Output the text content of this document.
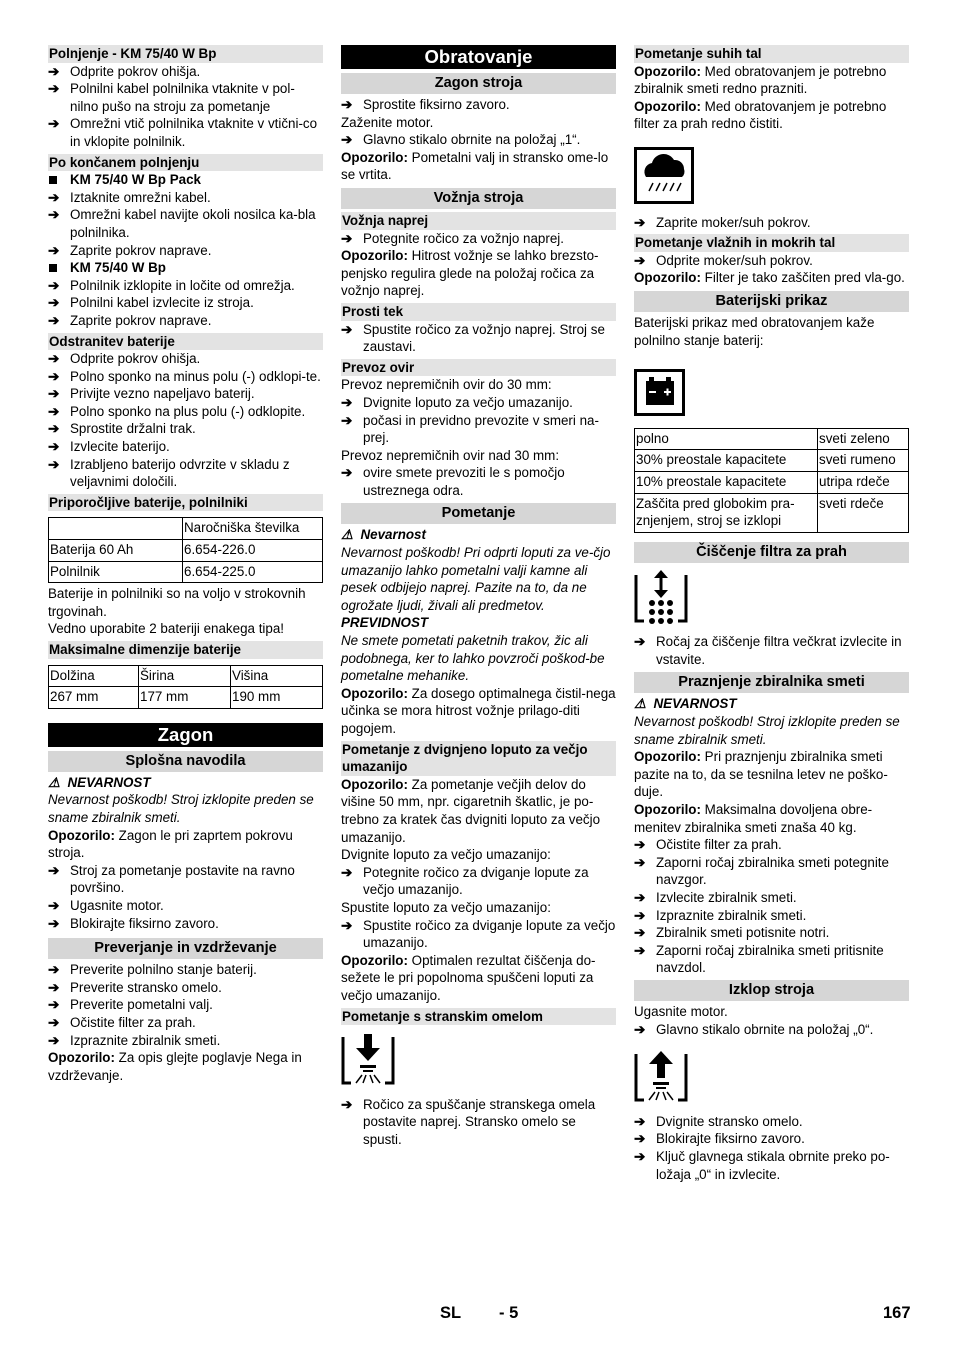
Polnjenje - KM 75/40 W Bp
➔ Odprite pokrov ohišja.
➔ Polnilni kabel polnilnika vtaknite v pol-nilno pušo na stroju za pometanje
➔ Omrežni vtič polnilnika vtaknite v vtični-co in vklopite polnilnik.
Po končanem polnjenju
KM 75/40 W Bp Pack
➔ Iztaknite omrežni kabel.
➔ Omrežni kabel navijte okoli nosilca ka-bla polnilnika.
➔ Zaprite pokrov naprave.
KM 75/40 W Bp
➔ Polnilnik izklopite in ločite od omrežja.
➔ Polnilni kabel izvlecite iz stroja.
➔ Zaprite pokrov naprave.
Odstranitev baterije
➔ Odprite pokrov ohišja.
➔ Polno sponko na minus polu (-) odklopi-te.
➔ Privijte vezno napeljavo baterij.
➔ Polno sponko na plus polu (-) odklopite.
➔ Sprostite držalni trak.
➔ Izvlecite baterijo.
➔ Izrabljeno baterijo odvrzite v skladu z veljavnimi določili.
Priporočljive baterije, polnilniki
	Naročniška številka
Baterija 60 Ah	6.654-226.0
Polnilnik	6.654-225.0
Baterije in polnilniki so na voljo v strokovnih trgovinah.
Vedno uporabite 2 bateriji enakega tipa!
Maksimalne dimenzije baterije
Dolžina	Širina	Višina
267 mm	177 mm	190 mm
Zagon
Splošna navodila
⚠ NEVARNOST
Nevarnost poškodb! Stroj izklopite preden se sname zbiralnik smeti.
Opozorilo: Zagon le pri zaprtem pokrovu stroja.
➔ Stroj za pometanje postavite na ravno površino.
➔ Ugasnite motor.
➔ Blokirajte fiksirno zavoro.
Preverjanje in vzdrževanje
➔ Preverite polnilno stanje baterij.
➔ Preverite stransko omelo.
➔ Preverite pometalni valj.
➔ Očistite filter za prah.
➔ Izpraznite zbiralnik smeti.
Opozorilo: Za opis glejte poglavje Nega in vzdrževanje.
Obratovanje
Zagon stroja
➔ Sprostite fiksirno zavoro.
Zaženite motor.
➔ Glavno stikalo obrnite na položaj „1“.
Opozorilo: Pometalni valj in stransko ome-lo se vrtita.
Vožnja stroja
Vožnja naprej
➔ Potegnite ročico za vožnjo naprej.
Opozorilo: Hitrost vožnje se lahko brezsto-penjsko regulira glede na položaj ročica za vožnjo naprej.
Prosti tek
➔ Spustite ročico za vožnjo naprej. Stroj se zaustavi.
Prevoz ovir
Prevoz nepremičnih ovir do 30 mm:
➔ Dvignite loputo za večjo umazanijo.
➔ počasi in previdno prevozite v smeri na-prej.
Prevoz nepremičnih ovir nad 30 mm:
➔ ovire smete prevoziti le s pomočjo ustreznega odra.
Pometanje
⚠ Nevarnost
Nevarnost poškodb! Pri odprti loputi za ve-čjo umazanijo lahko pometalni valji kamne ali pesek odbijejo naprej. Pazite na to, da ne ogrožate ljudi, živali ali predmetov.
PREVIDNOST
Ne smete pometati paketnih trakov, žic ali podobnega, ker to lahko povzroči poškod-be pometalne mehanike.
Opozorilo: Za dosego optimalnega čistil-nega učinka se mora hitrost vožnje prilago-diti pogojem.
Pometanje z dvignjeno loputo za večjo umazanijo
Opozorilo: Za pometanje večjih delov do višine 50 mm, npr. cigaretnih škatlic, je po-trebno za kratek čas dvigniti loputo za večjo umazanijo.
Dvignite loputo za večjo umazanijo:
➔ Potegnite ročico za dviganje lopute za večjo umazanijo.
Spustite loputo za večjo umazanijo:
➔ Spustite ročico za dviganje lopute za večjo umazanijo.
Opozorilo: Optimalen rezultat čiščenja do-sežete le pri popolnoma spuščeni loputi za večjo umazanijo.
Pometanje s stranskim omelom
➔ Ročico za spuščanje stranskega omela postavite naprej. Stransko omelo se spusti.
Pometanje suhih tal
Opozorilo: Med obratovanjem je potrebno zbiralnik smeti redno prazniti.
Opozorilo: Med obratovanjem je potrebno filter za prah redno čistiti.
➔ Zaprite moker/suh pokrov.
Pometanje vlažnih in mokrih tal
➔ Odprite moker/suh pokrov.
Opozorilo: Filter je tako zaščiten pred vla-go.
Baterijski prikaz
Baterijski prikaz med obratovanjem kaže polnilno stanje baterij:
polno	sveti zeleno
30% preostale kapacitete	sveti rumeno
10% preostale kapacitete	utripa rdeče
Zaščita pred globokim pra-znjenjem, stroj se izklopi	sveti rdeče
Čiščenje filtra za prah
➔ Ročaj za čiščenje filtra večkrat izvlecite in vstavite.
Praznjenje zbiralnika smeti
⚠ NEVARNOST
Nevarnost poškodb! Stroj izklopite preden se sname zbiralnik smeti.
Opozorilo: Pri praznjenju zbiralnika smeti pazite na to, da se tesnilna letev ne poško-duje.
Opozorilo: Maksimalna dovoljena obre-menitev zbiralnika smeti znaša 40 kg.
➔ Očistite filter za prah.
➔ Zaporni ročaj zbiralnika smeti potegnite navzgor.
➔ Izvlecite zbiralnik smeti.
➔ Izpraznite zbiralnik smeti.
➔ Zbiralnik smeti potisnite notri.
➔ Zaporni ročaj zbiralnika smeti pritisnite navzdol.
Izklop stroja
Ugasnite motor.
➔ Glavno stikalo obrnite na položaj „0“.
➔ Dvignite stransko omelo.
➔ Blokirajte fiksirno zavoro.
➔ Ključ glavnega stikala obrnite preko po-ložaja „0“ in izvlecite.
SL - 5	167
